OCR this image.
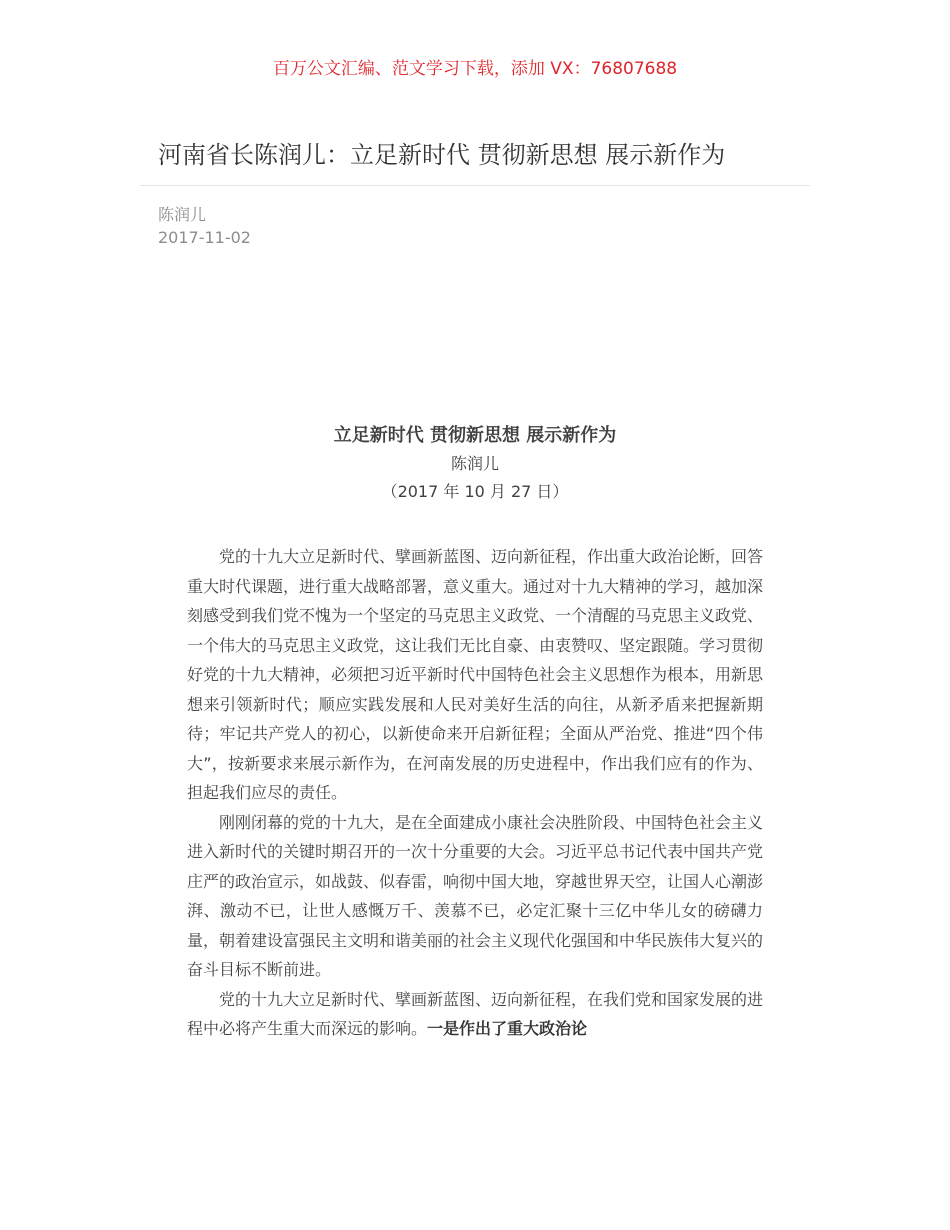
百万公文汇编、范文学习下载，添加 VX：76807688
河南省长陈润儿：立足新时代 贯彻新思想 展示新作为
陈润儿
2017-11-02
立足新时代 贯彻新思想 展示新作为
陈润儿
（2017 年 10 月 27 日）

党的十九大立足新时代、擘画新蓝图、迈向新征程，作出重大政治论断，回答重大时代课题，进行重大战略部署，意义重大。通过对十九大精神的学习，越加深刻感受到我们党不愧为一个坚定的马克思主义政党、一个清醒的马克思主义政党、一个伟大的马克思主义政党，这让我们无比自豪、由衷赞叹、坚定跟随。学习贯彻好党的十九大精神，必须把习近平新时代中国特色社会主义思想作为根本，用新思想来引领新时代；顺应实践发展和人民对美好生活的向往，从新矛盾来把握新期待；牢记共产党人的初心，以新使命来开启新征程；全面从严治党、推进“四个伟大”，按新要求来展示新作为，在河南发展的历史进程中，作出我们应有的作为、担起我们应尽的责任。

刚刚闭幕的党的十九大，是在全面建成小康社会决胜阶段、中国特色社会主义进入新时代的关键时期召开的一次十分重要的大会。习近平总书记代表中国共产党庄严的政治宣示，如战鼓、似春雷，响彻中国大地，穿越世界天空，让国人心潮澎湃、激动不已，让世人感慨万千、羡慕不已，必定汇聚十三亿中华儿女的磅礴力量，朝着建设富强民主文明和谐美丽的社会主义现代化强国和中华民族伟大复兴的奋斗目标不断前进。

党的十九大立足新时代、擘画新蓝图、迈向新征程，在我们党和国家发展的进程中必将产生重大而深远的影响。一是作出了重大政治论
